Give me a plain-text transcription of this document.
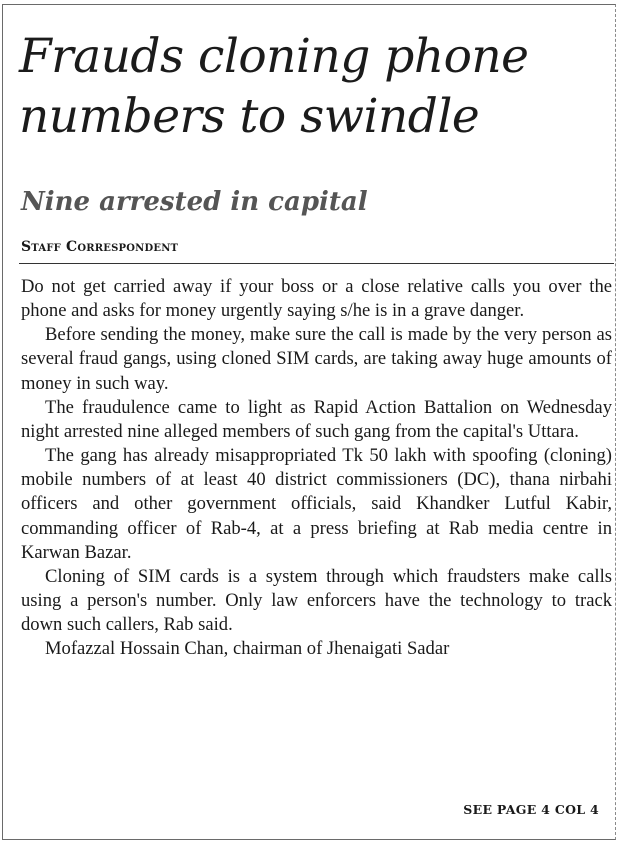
Frauds cloning phone numbers to swindle
Nine arrested in capital
Staff Correspondent

Do not get carried away if your boss or a close relative calls you over the phone and asks for money urgently saying s/he is in a grave danger.

Before sending the money, make sure the call is made by the very person as several fraud gangs, using cloned SIM cards, are taking away huge amounts of money in such way.

The fraudulence came to light as Rapid Action Battalion on Wednesday night arrested nine alleged members of such gang from the capital's Uttara.

The gang has already misappropriated Tk 50 lakh with spoofing (cloning) mobile numbers of at least 40 district commissioners (DC), thana nirbahi officers and other government officials, said Khandker Lutful Kabir, commanding officer of Rab-4, at a press briefing at Rab media centre in Karwan Bazar.

Cloning of SIM cards is a system through which fraudsters make calls using a person's number. Only law enforcers have the technology to track down such callers, Rab said.

Mofazzal Hossain Chan, chairman of Jhenaigati Sadar

SEE PAGE 4 COL 4
